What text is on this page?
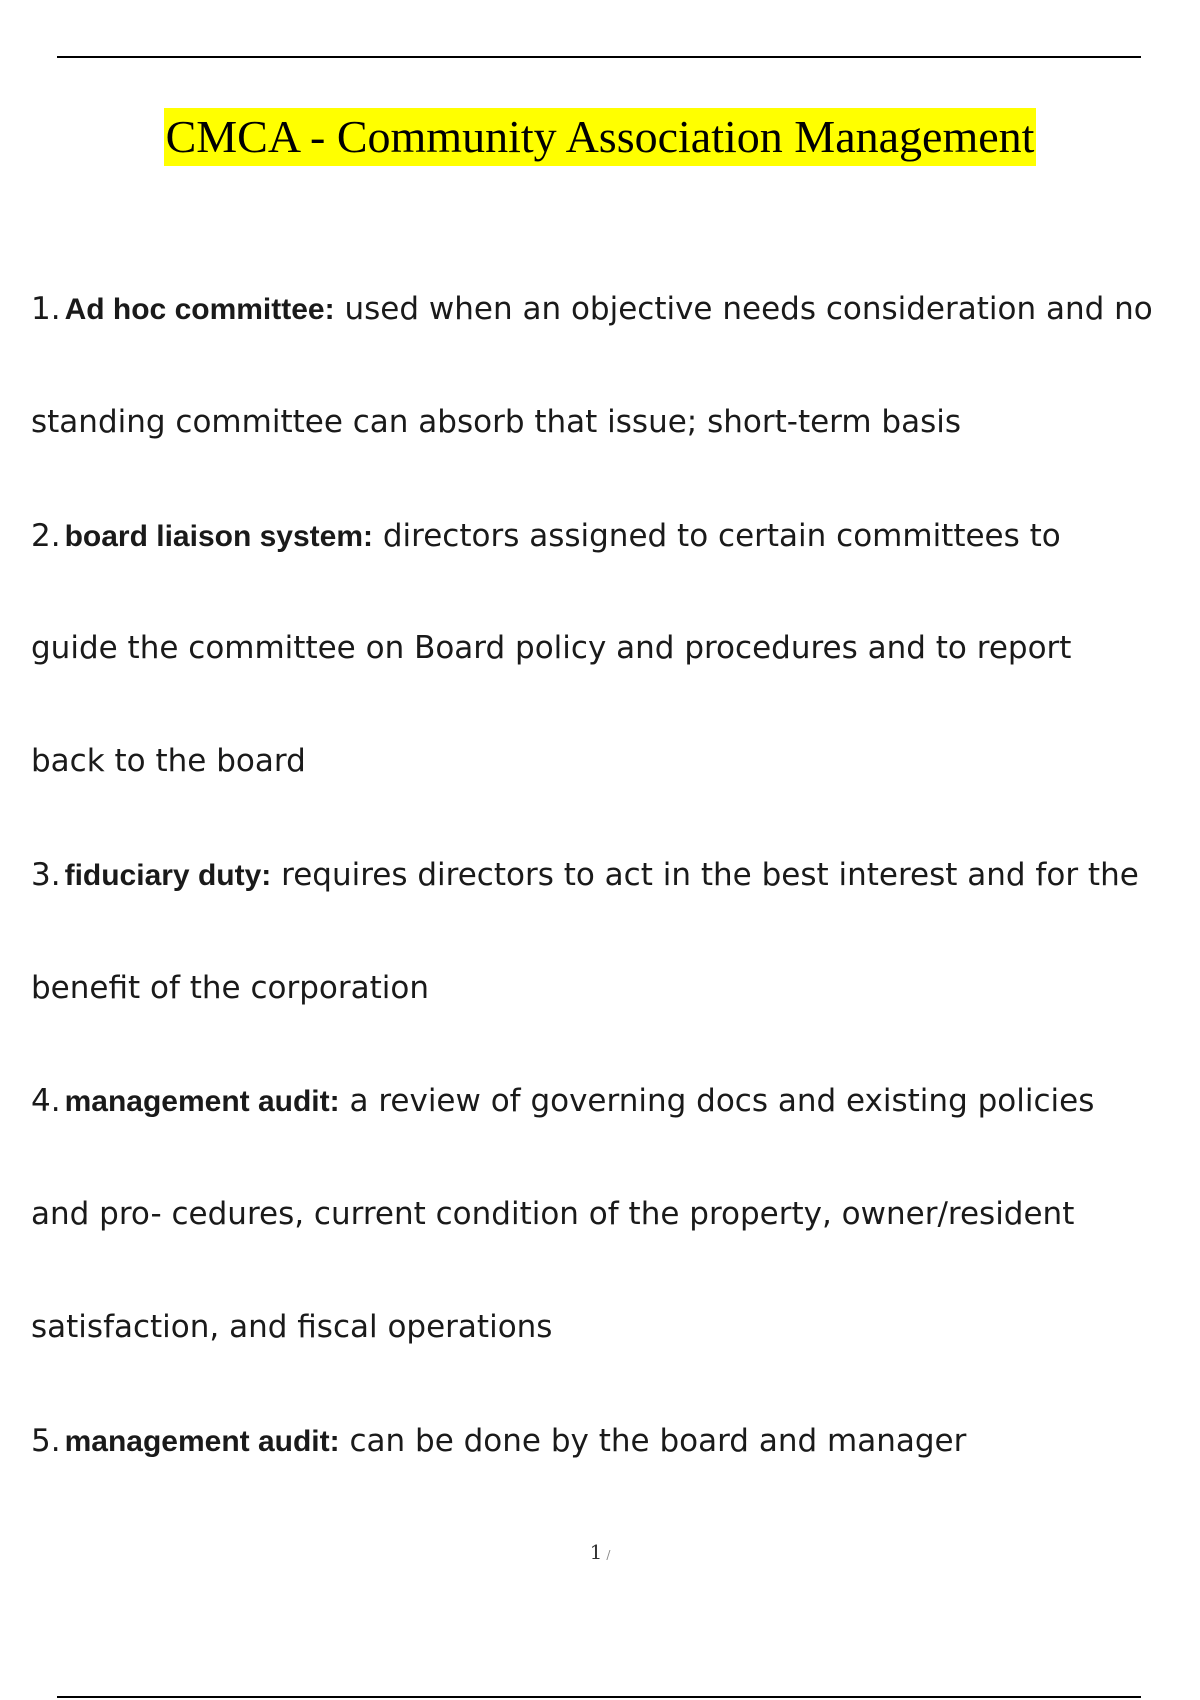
CMCA - Community Association Management
1. Ad hoc committee: used when an objective needs consideration and no
standing committee can absorb that issue; short-term basis
2. board liaison system: directors assigned to certain committees to
guide the committee on Board policy and procedures and to report
back to the board
3. fiduciary duty: requires directors to act in the best interest and for the
benefit of the corporation
4. management audit: a review of governing docs and existing policies
and pro- cedures, current condition of the property, owner/resident
satisfaction, and fiscal operations
5. management audit: can be done by the board and manager
1 /
